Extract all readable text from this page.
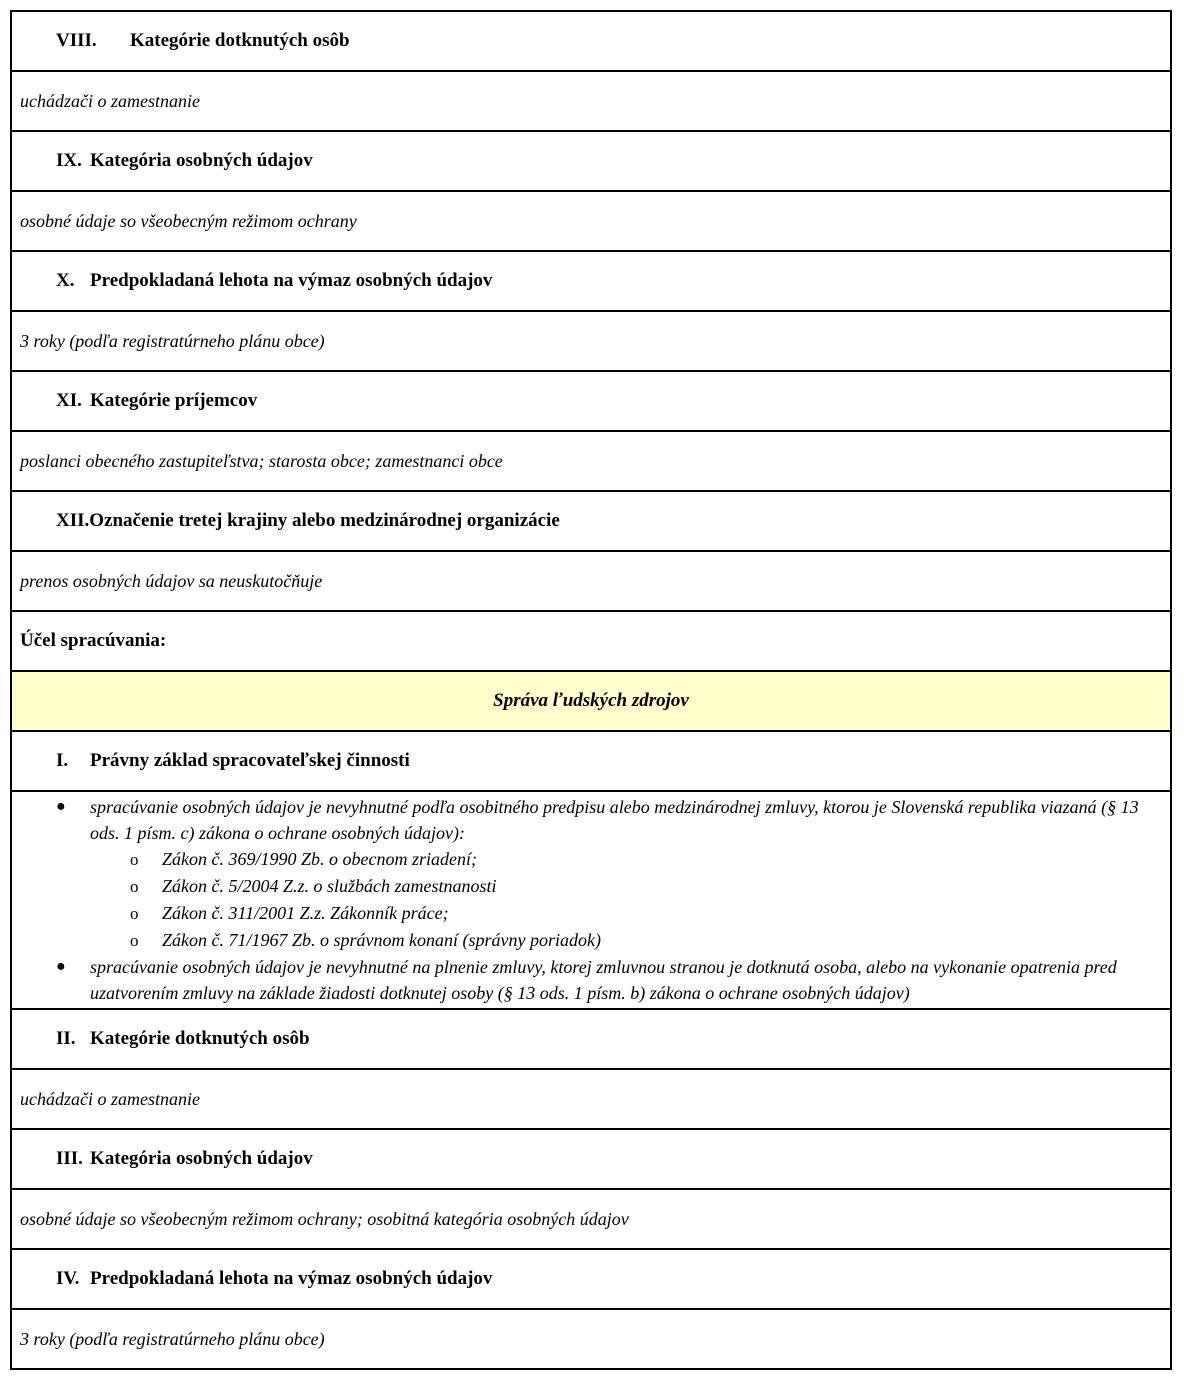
VIII.	Kategórie dotknutých osôb
uchádzači o zamestnanie
IX. Kategória osobných údajov
osobné údaje so všeobecným režimom ochrany
X. Predpokladaná lehota na výmaz osobných údajov
3 roky (podľa registratúrneho plánu obce)
XI. Kategórie príjemcov
poslanci obecného zastupiteľstva; starosta obce; zamestnanci obce
XII. Označenie tretej krajiny alebo medzinárodnej organizácie
prenos osobných údajov sa neuskutočňuje
Účel spracúvania:
Správa ľudských zdrojov
I.	Právny základ spracovateľskej činnosti
● spracúvanie osobných údajov je nevyhnutné podľa osobitného predpisu alebo medzinárodnej zmluvy, ktorou je Slovenská republika viazaná (§ 13 ods. 1 písm. c) zákona o ochrane osobných údajov):
o Zákon č. 369/1990 Zb. o obecnom zriadení;
o Zákon č. 5/2004 Z.z. o službách zamestnanosti
o Zákon č. 311/2001 Z.z. Zákonník práce;
o Zákon č. 71/1967 Zb. o správnom konaní (správny poriadok)
● spracúvanie osobných údajov je nevyhnutné na plnenie zmluvy, ktorej zmluvnou stranou je dotknutá osoba, alebo na vykonanie opatrenia pred uzatvorením zmluvy na základe žiadosti dotknutej osoby (§ 13 ods. 1 písm. b) zákona o ochrane osobných údajov)
II. Kategórie dotknutých osôb
uchádzači o zamestnanie
III. Kategória osobných údajov
osobné údaje so všeobecným režimom ochrany; osobitná kategória osobných údajov
IV. Predpokladaná lehota na výmaz osobných údajov
3 roky (podľa registratúrneho plánu obce)
